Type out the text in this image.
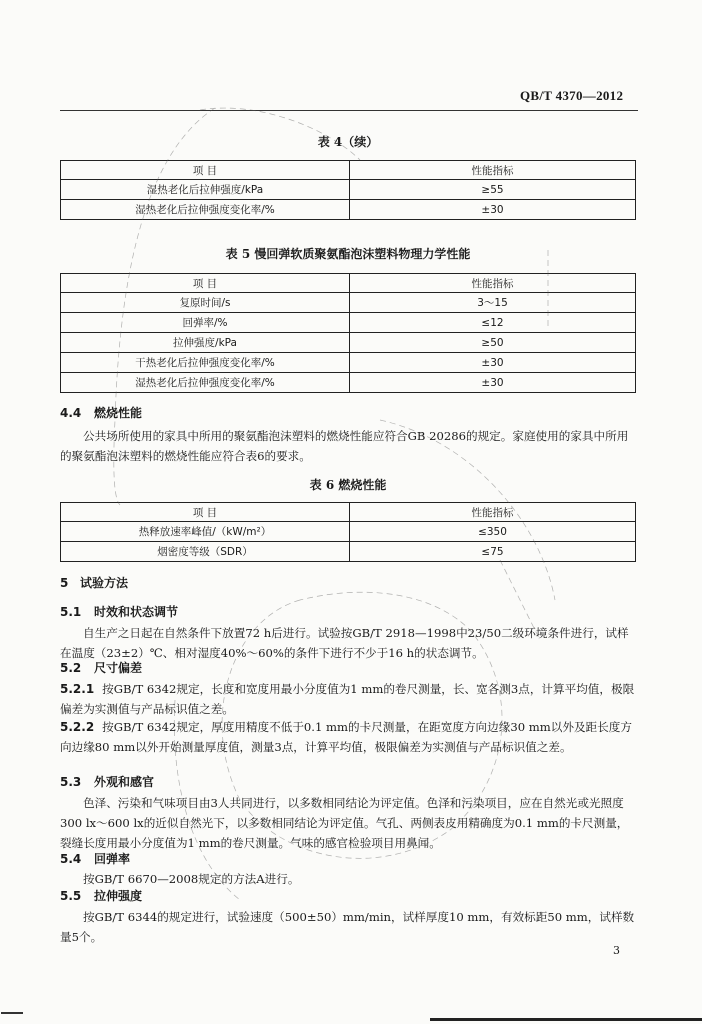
QB/T 4370—2012
表 4（续）
项 目	性能指标
湿热老化后拉伸强度/kPa	≥55
湿热老化后拉伸强度变化率/%	±30
表 5 慢回弹软质聚氨酯泡沫塑料物理力学性能
项 目	性能指标
复原时间/s	3～15
回弹率/%	≤12
拉伸强度/kPa	≥50
干热老化后拉伸强度变化率/%	±30
湿热老化后拉伸强度变化率/%	±30
4.4 燃烧性能
公共场所使用的家具中所用的聚氨酯泡沫塑料的燃烧性能应符合GB 20286的规定。家庭使用的家具中所用的聚氨酯泡沫塑料的燃烧性能应符合表6的要求。
表 6 燃烧性能
项 目	性能指标
热释放速率峰值/（kW/m²）	≤350
烟密度等级（SDR）	≤75
5 试验方法
5.1 时效和状态调节
自生产之日起在自然条件下放置72 h后进行。试验按GB/T 2918—1998中23/50二级环境条件进行，试样在温度（23±2）℃、相对湿度40%～60%的条件下进行不少于16 h的状态调节。
5.2 尺寸偏差
5.2.1 按GB/T 6342规定，长度和宽度用最小分度值为1 mm的卷尺测量，长、宽各测3点，计算平均值，极限偏差为实测值与产品标识值之差。
5.2.2 按GB/T 6342规定，厚度用精度不低于0.1 mm的卡尺测量，在距宽度方向边缘30 mm以外及距长度方向边缘80 mm以外开始测量厚度值，测量3点，计算平均值，极限偏差为实测值与产品标识值之差。
5.3 外观和感官
色泽、污染和气味项目由3人共同进行，以多数相同结论为评定值。色泽和污染项目，应在自然光或光照度300 lx～600 lx的近似自然光下，以多数相同结论为评定值。气孔、两侧表皮用精确度为0.1 mm的卡尺测量，裂缝长度用最小分度值为1 mm的卷尺测量。气味的感官检验项目用鼻闻。
5.4 回弹率
按GB/T 6670—2008规定的方法A进行。
5.5 拉伸强度
按GB/T 6344的规定进行，试验速度（500±50）mm/min，试样厚度10 mm，有效标距50 mm，试样数量5个。
3
